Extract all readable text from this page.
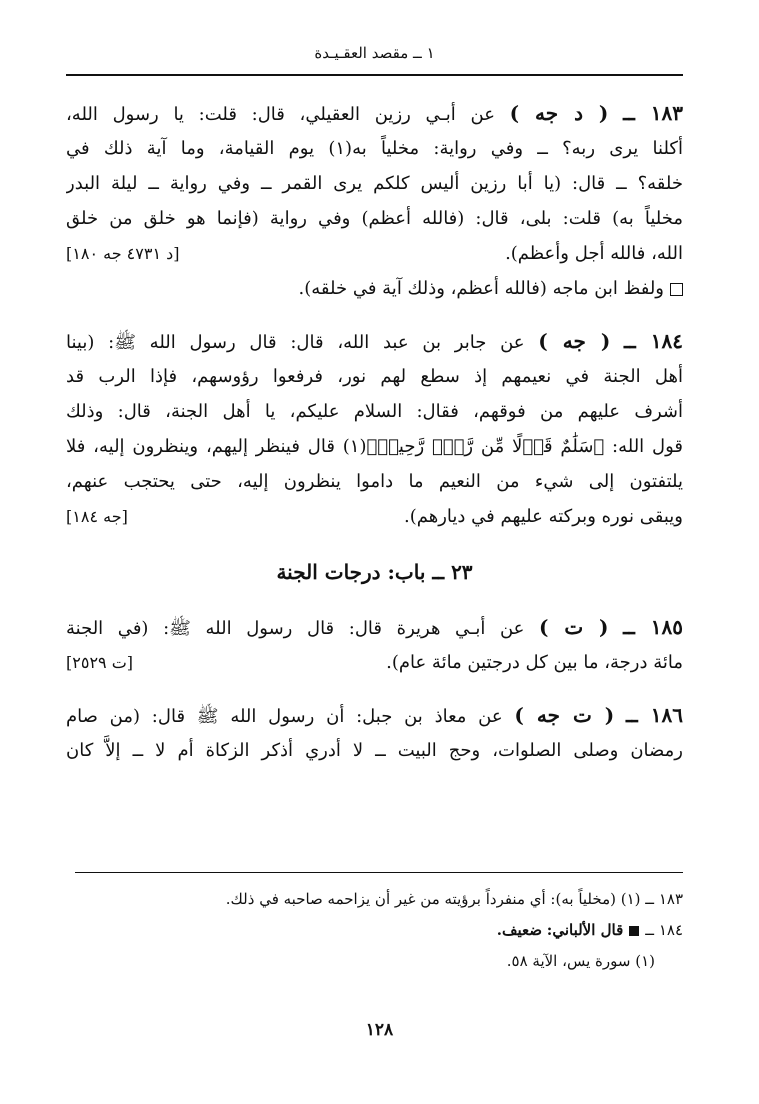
١ ــ مقصد العقـيـدة
١٨٣ ــ ( د جه ) عن أبـي رزين العقيلي، قال: قلت: يا رسول الله،
أكلنا يرى ربه؟ ــ وفي رواية: مخلياً به(١) يوم القيامة، وما آية ذلك في
خلقه؟ ــ قال: (يا أبا رزين أليس كلكم يرى القمر ــ وفي رواية ــ ليلة البدر
مخلياً به) قلت: بلى، قال: (فالله أعظم) وفي رواية (فإنما هو خلق من خلق
الله، فالله أجل وأعظم).
[د ٤٧٣١ جه ١٨٠]
ولفظ ابن ماجه (فالله أعظم، وذلك آية في خلقه).
١٨٤ ــ ( جه ) عن جابر بن عبد الله، قال: قال رسول الله ﷺ: (بينا
أهل الجنة في نعيمهم إذ سطع لهم نور، فرفعوا رؤوسهم، فإذا الرب قد
أشرف عليهم من فوقهم، فقال: السلام عليكم، يا أهل الجنة، قال: وذلك
قول الله: ﴿سَلَٰمٌ قَوۡلًا مِّن رَّبّٖ رَّحِيمٖ﴾(١) قال فينظر إليهم، وينظرون إليه، فلا
يلتفتون إلى شيء من النعيم ما داموا ينظرون إليه، حتى يحتجب عنهم،
ويبقى نوره وبركته عليهم في ديارهم).
[جه ١٨٤]
٢٣ ــ باب: درجات الجنة
١٨٥ ــ ( ت ) عن أبـي هريرة قال: قال رسول الله ﷺ: (في الجنة
مائة درجة، ما بين كل درجتين مائة عام).
[ت ٢٥٢٩]
١٨٦ ــ ( ت جه ) عن معاذ بن جبل: أن رسول الله ﷺ قال: (من صام
رمضان وصلى الصلوات، وحج البيت ــ لا أدري أذكر الزكاة أم لا ــ إلاَّ كان
١٨٣ ــ (١) (مخلياً به): أي منفرداً برؤيته من غير أن يزاحمه صاحبه في ذلك.
١٨٤ ــقال الألباني: ضعيف.
(١) سورة يس، الآية ٥٨.
١٢٨
